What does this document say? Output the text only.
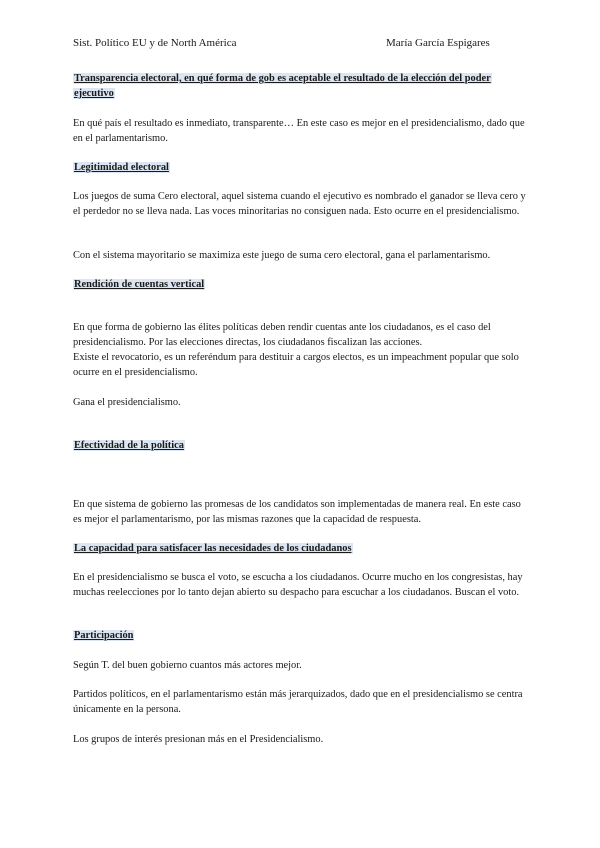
Sist. Político EU y de North América	María García Espigares
Transparencia electoral, en qué forma de gob es aceptable el resultado de la elección del poder ejecutivo

En qué país el resultado es inmediato, transparente… En este caso es mejor en el presidencialismo, dado que en el parlamentarismo.

Legitimidad electoral

Los juegos de suma Cero electoral, aquel sistema cuando el ejecutivo es nombrado el ganador se lleva cero y el perdedor no se lleva nada. Las voces minoritarias no consiguen nada. Esto ocurre en el presidencialismo.

Con el sistema mayoritario se maximiza este juego de suma cero electoral, gana el parlamentarismo.

Rendición de cuentas vertical

En que forma de gobierno las élites políticas deben rendir cuentas ante los ciudadanos, es el caso del presidencialismo. Por las elecciones directas, los ciudadanos fiscalizan las acciones.

Existe el revocatorio, es un referéndum para destituir a cargos electos, es un impeachment popular que solo ocurre en el presidencialismo.

Gana el presidencialismo.

Efectividad de la política

En que sistema de gobierno las promesas de los candidatos son implementadas de manera real. En este caso es mejor el parlamentarismo, por las mismas razones que la capacidad de respuesta.

La capacidad para satisfacer las necesidades de los ciudadanos

En el presidencialismo se busca el voto, se escucha a los ciudadanos. Ocurre mucho en los congresistas, hay muchas reelecciones por lo tanto dejan abierto su despacho para escuchar a los ciudadanos. Buscan el voto.

Participación

Según T. del buen gobierno cuantos más actores mejor.

Partidos políticos, en el parlamentarismo están más jerarquizados, dado que en el presidencialismo se centra únicamente en la persona.

Los grupos de interés presionan más en el Presidencialismo.
